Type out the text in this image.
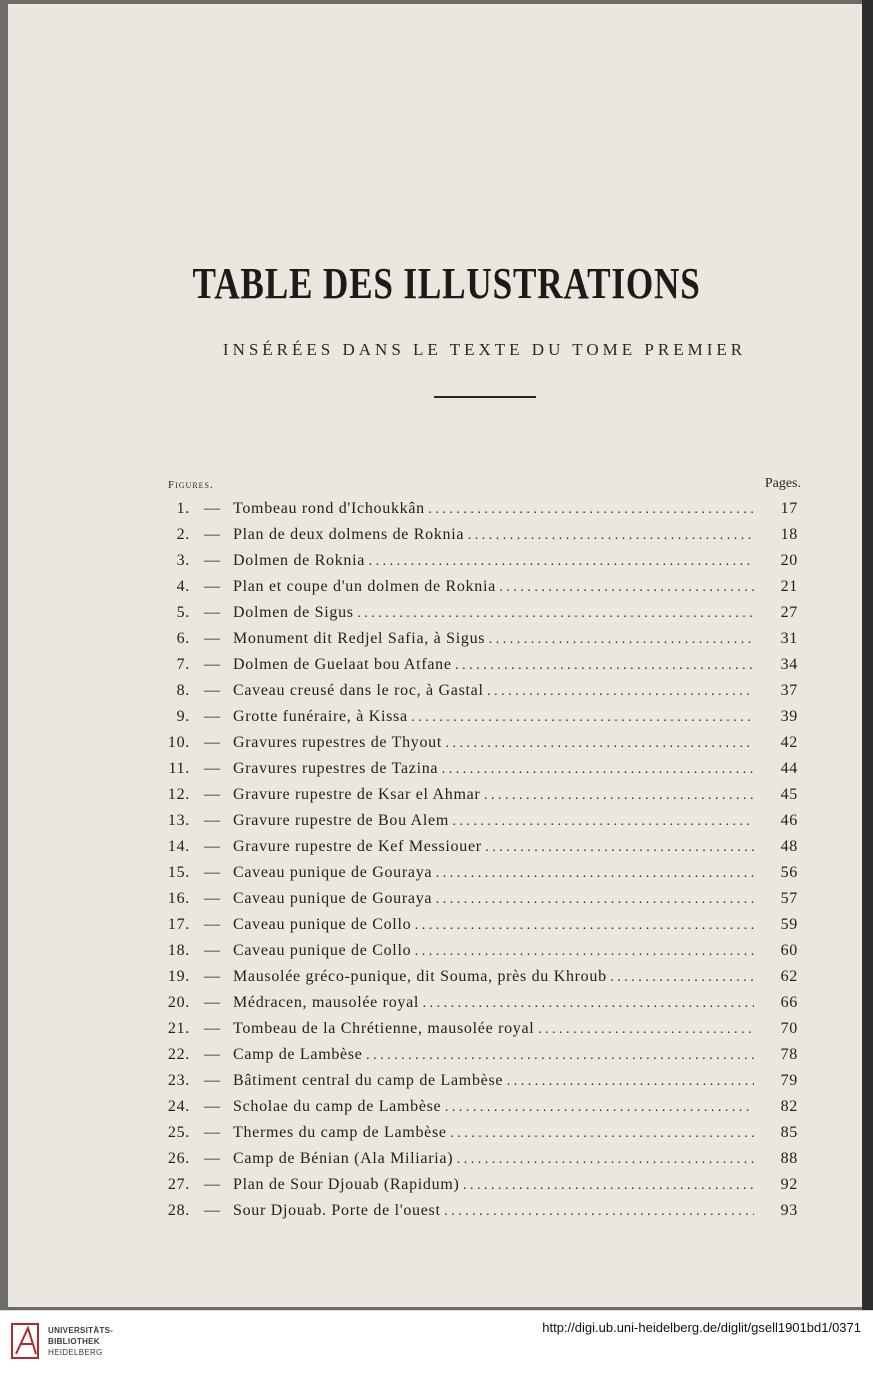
TABLE DES ILLUSTRATIONS
INSÉRÉES DANS LE TEXTE DU TOME PREMIER
Figures.	Pages.
1. — Tombeau rond d'Ichoukkân . . .	17
2. — Plan de deux dolmens de Roknia . . .	18
3. — Dolmen de Roknia . . .	20
4. — Plan et coupe d'un dolmen de Roknia . . .	21
5. — Dolmen de Sigus . . .	27
6. — Monument dit Redjel Safia, à Sigus . . .	31
7. — Dolmen de Guelaat bou Atfane . . .	34
8. — Caveau creusé dans le roc, à Gastal . . .	37
9. — Grotte funéraire, à Kissa . . .	39
10. — Gravures rupestres de Thyout . . .	42
11. — Gravures rupestres de Tazina . . .	44
12. — Gravure rupestre de Ksar el Ahmar . . .	45
13. — Gravure rupestre de Bou Alem . . .	46
14. — Gravure rupestre de Kef Messiouer . . .	48
15. — Caveau punique de Gouraya . . .	56
16. — Caveau punique de Gouraya . . .	57
17. — Caveau punique de Collo . . .	59
18. — Caveau punique de Collo . . .	60
19. — Mausolée gréco-punique, dit Souma, près du Khroub . . .	62
20. — Médracen, mausolée royal . . .	66
21. — Tombeau de la Chrétienne, mausolée royal . . .	70
22. — Camp de Lambèse . . .	78
23. — Bâtiment central du camp de Lambèse . . .	79
24. — Scholae du camp de Lambèse . . .	82
25. — Thermes du camp de Lambèse . . .	85
26. — Camp de Bénian (Ala Miliaria) . . .	88
27. — Plan de Sour Djouab (Rapidum) . . .	92
28. — Sour Djouab. Porte de l'ouest . . .	93
UNIVERSITÄTS-
BIBLIOTHEK
HEIDELBERG
http://digi.ub.uni-heidelberg.de/diglit/gsell1901bd1/0371
